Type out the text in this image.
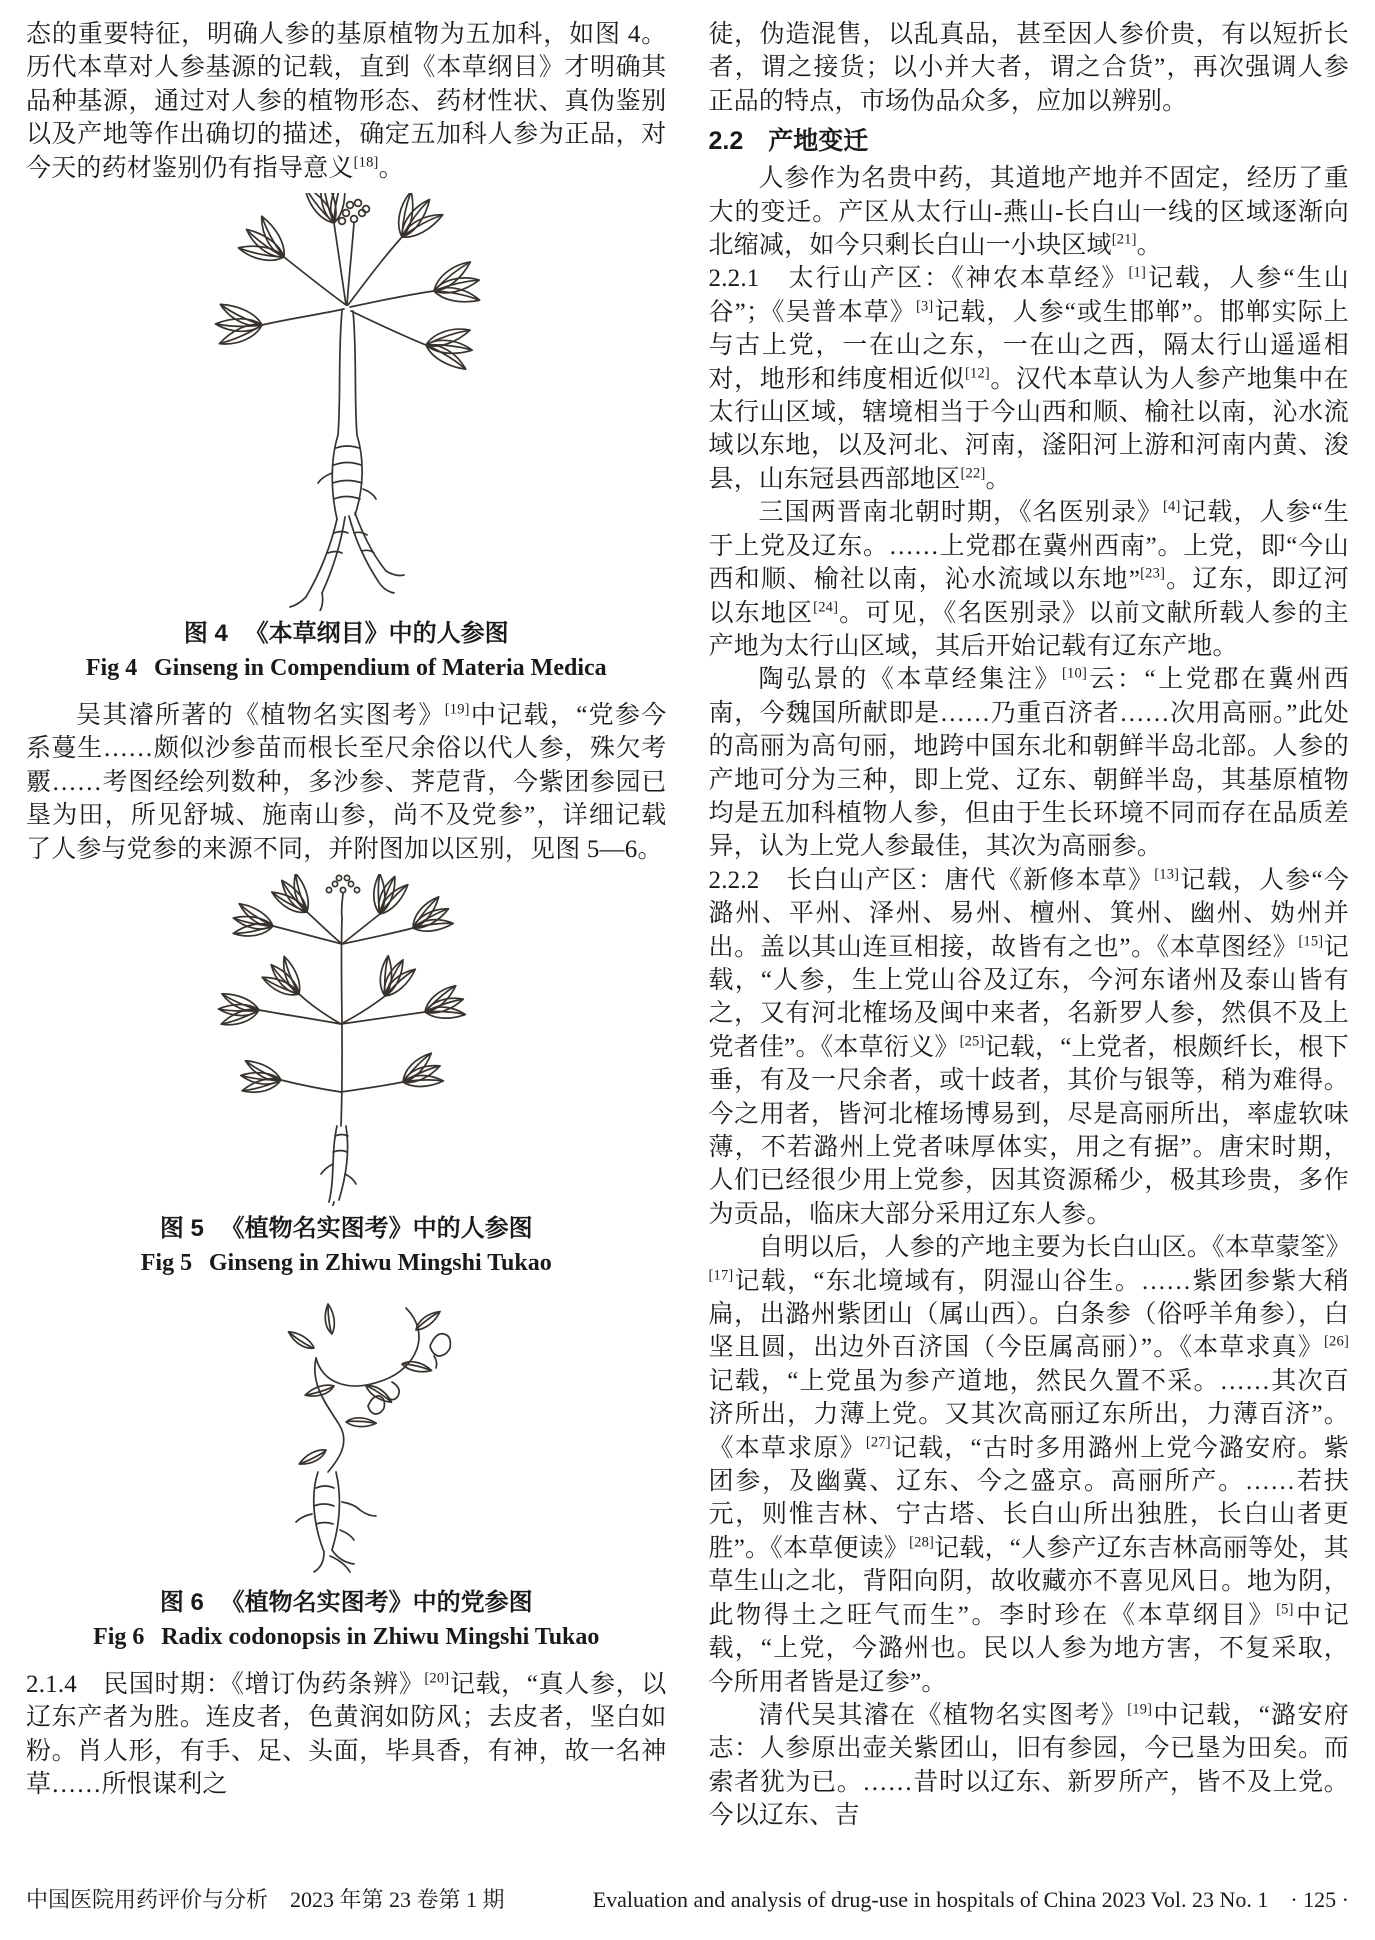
态的重要特征，明确人参的基原植物为五加科，如图 4。历代本草对人参基源的记载，直到《本草纲目》才明确其品种基源，通过对人参的植物形态、药材性状、真伪鉴别以及产地等作出确切的描述，确定五加科人参为正品，对今天的药材鉴别仍有指导意义[18]。

图 4 《本草纲目》中的人参图
Fig 4 Ginseng in Compendium of Materia Medica

吴其濬所著的《植物名实图考》[19]中记载，“党参今系蔓生……颇似沙参苗而根长至尺余俗以代人参，殊欠考覈……考图经绘列数种，多沙参、荠苨背，今紫团参园已垦为田，所见舒城、施南山参，尚不及党参”，详细记载了人参与党参的来源不同，并附图加以区别，见图 5—6。

图 5 《植物名实图考》中的人参图
Fig 5 Ginseng in Zhiwu Mingshi Tukao
图 6 《植物名实图考》中的党参图
Fig 6 Radix codonopsis in Zhiwu Mingshi Tukao

2.1.4　民国时期：《增订伪药条辨》[20]记载，“真人参，以辽东产者为胜。连皮者，色黄润如防风；去皮者，坚白如粉。肖人形，有手、足、头面，毕具香，有神，故一名神草……所恨谋利之

徒，伪造混售，以乱真品，甚至因人参价贵，有以短折长者，谓之接货；以小并大者，谓之合货”，再次强调人参正品的特点，市场伪品众多，应加以辨别。

2.2　产地变迁

人参作为名贵中药，其道地产地并不固定，经历了重大的变迁。产区从太行山-燕山-长白山一线的区域逐渐向北缩减，如今只剩长白山一小块区域[21]。

2.2.1　太行山产区：《神农本草经》[1]记载，人参“生山谷”；《吴普本草》[3]记载，人参“或生邯郸”。邯郸实际上与古上党，一在山之东，一在山之西，隔太行山遥遥相对，地形和纬度相近似[12]。汉代本草认为人参产地集中在太行山区域，辖境相当于今山西和顺、榆社以南，沁水流域以东地，以及河北、河南，滏阳河上游和河南内黄、浚县，山东冠县西部地区[22]。

三国两晋南北朝时期，《名医别录》[4]记载，人参“生于上党及辽东。……上党郡在冀州西南”。上党，即“今山西和顺、榆社以南，沁水流域以东地”[23]。辽东，即辽河以东地区[24]。可见，《名医别录》以前文献所载人参的主产地为太行山区域，其后开始记载有辽东产地。

陶弘景的《本草经集注》[10]云：“上党郡在冀州西南，今魏国所献即是……乃重百济者……次用高丽。”此处的高丽为高句丽，地跨中国东北和朝鲜半岛北部。人参的产地可分为三种，即上党、辽东、朝鲜半岛，其基原植物均是五加科植物人参，但由于生长环境不同而存在品质差异，认为上党人参最佳，其次为高丽参。

2.2.2　长白山产区：唐代《新修本草》[13]记载，人参“今潞州、平州、泽州、易州、檀州、箕州、幽州、妫州并出。盖以其山连亘相接，故皆有之也”。《本草图经》[15]记载，“人参，生上党山谷及辽东，今河东诸州及泰山皆有之，又有河北榷场及闽中来者，名新罗人参，然俱不及上党者佳”。《本草衍义》[25]记载，“上党者，根颇纤长，根下垂，有及一尺余者，或十歧者，其价与银等，稍为难得。今之用者，皆河北榷场博易到，尽是高丽所出，率虚软味薄，不若潞州上党者味厚体实，用之有据”。唐宋时期，人们已经很少用上党参，因其资源稀少，极其珍贵，多作为贡品，临床大部分采用辽东人参。

自明以后，人参的产地主要为长白山区。《本草蒙筌》[17]记载，“东北境域有，阴湿山谷生。……紫团参紫大稍扁，出潞州紫团山（属山西）。白条参（俗呼羊角参），白坚且圆，出边外百济国（今臣属高丽）”。《本草求真》[26]记载，“上党虽为参产道地，然民久置不采。……其次百济所出，力薄上党。又其次高丽辽东所出，力薄百济”。《本草求原》[27]记载，“古时多用潞州上党今潞安府。紫团参，及幽冀、辽东、今之盛京。高丽所产。……若扶元，则惟吉林、宁古塔、长白山所出独胜，长白山者更胜”。《本草便读》[28]记载，“人参产辽东吉林高丽等处，其草生山之北，背阳向阴，故收藏亦不喜见风日。地为阴，此物得土之旺气而生”。李时珍在《本草纲目》[5]中记载，“上党，今潞州也。民以人参为地方害，不复采取，今所用者皆是辽参”。

清代吴其濬在《植物名实图考》[19]中记载，“潞安府志：人参原出壶关紫团山，旧有参园，今已垦为田矣。而索者犹为已。……昔时以辽东、新罗所产，皆不及上党。今以辽东、吉

中国医院用药评价与分析　2023 年第 23 卷第 1 期	Evaluation and analysis of drug-use in hospitals of China 2023 Vol. 23 No. 1　· 125 ·
